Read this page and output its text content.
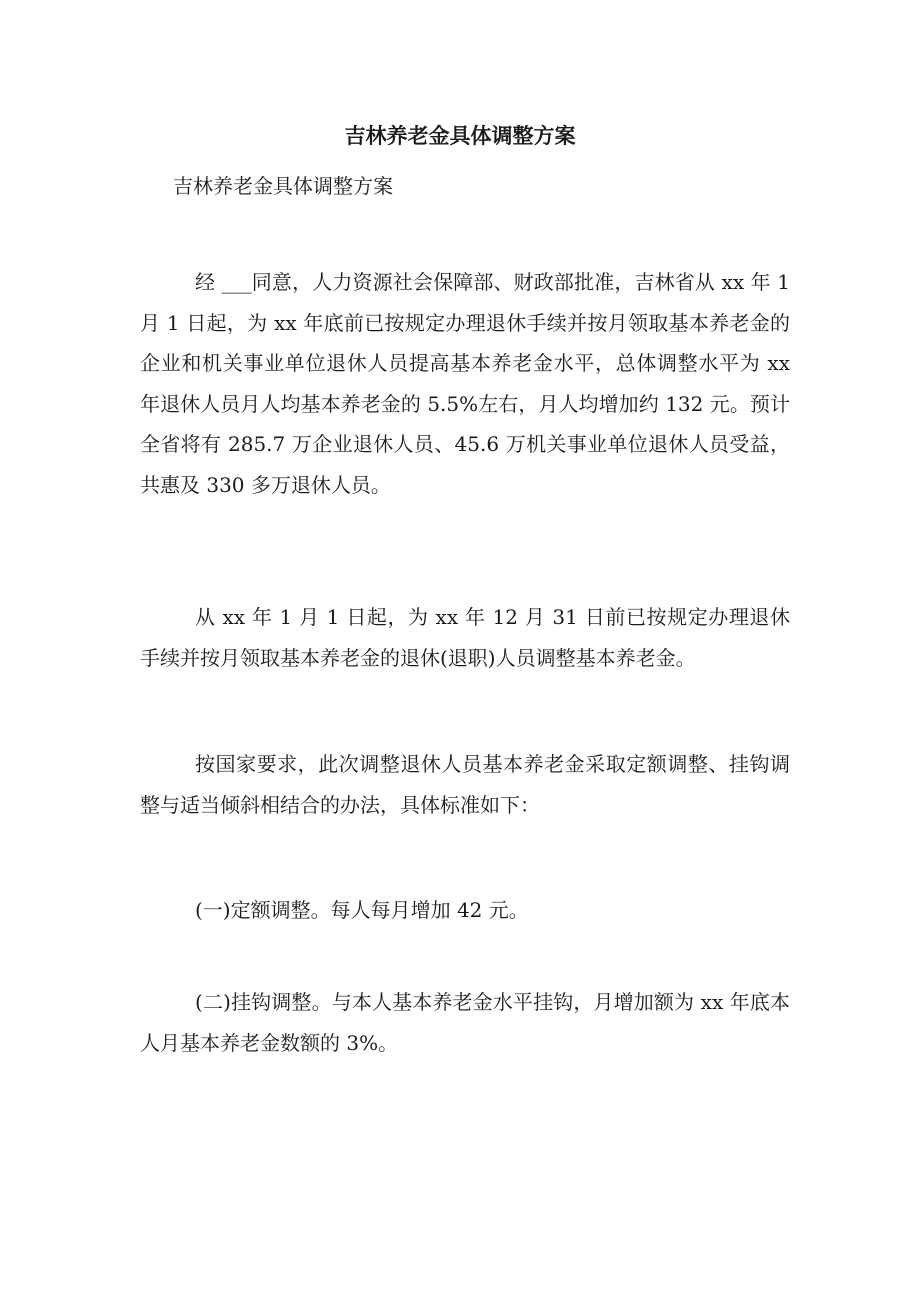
吉林养老金具体调整方案

吉林养老金具体调整方案

经 ___同意，人力资源社会保障部、财政部批准，吉林省从 xx 年 1 月 1 日起，为 xx 年底前已按规定办理退休手续并按月领取基本养老金的企业和机关事业单位退休人员提高基本养老金水平，总体调整水平为 xx 年退休人员月人均基本养老金的 5.5%左右，月人均增加约 132 元。预计全省将有 285.7 万企业退休人员、45.6 万机关事业单位退休人员受益，共惠及 330 多万退休人员。

从 xx 年 1 月 1 日起，为 xx 年 12 月 31 日前已按规定办理退休手续并按月领取基本养老金的退休(退职)人员调整基本养老金。

按国家要求，此次调整退休人员基本养老金采取定额调整、挂钩调整与适当倾斜相结合的办法，具体标准如下：

(一)定额调整。每人每月增加 42 元。

(二)挂钩调整。与本人基本养老金水平挂钩，月增加额为 xx 年底本人月基本养老金数额的 3%。
